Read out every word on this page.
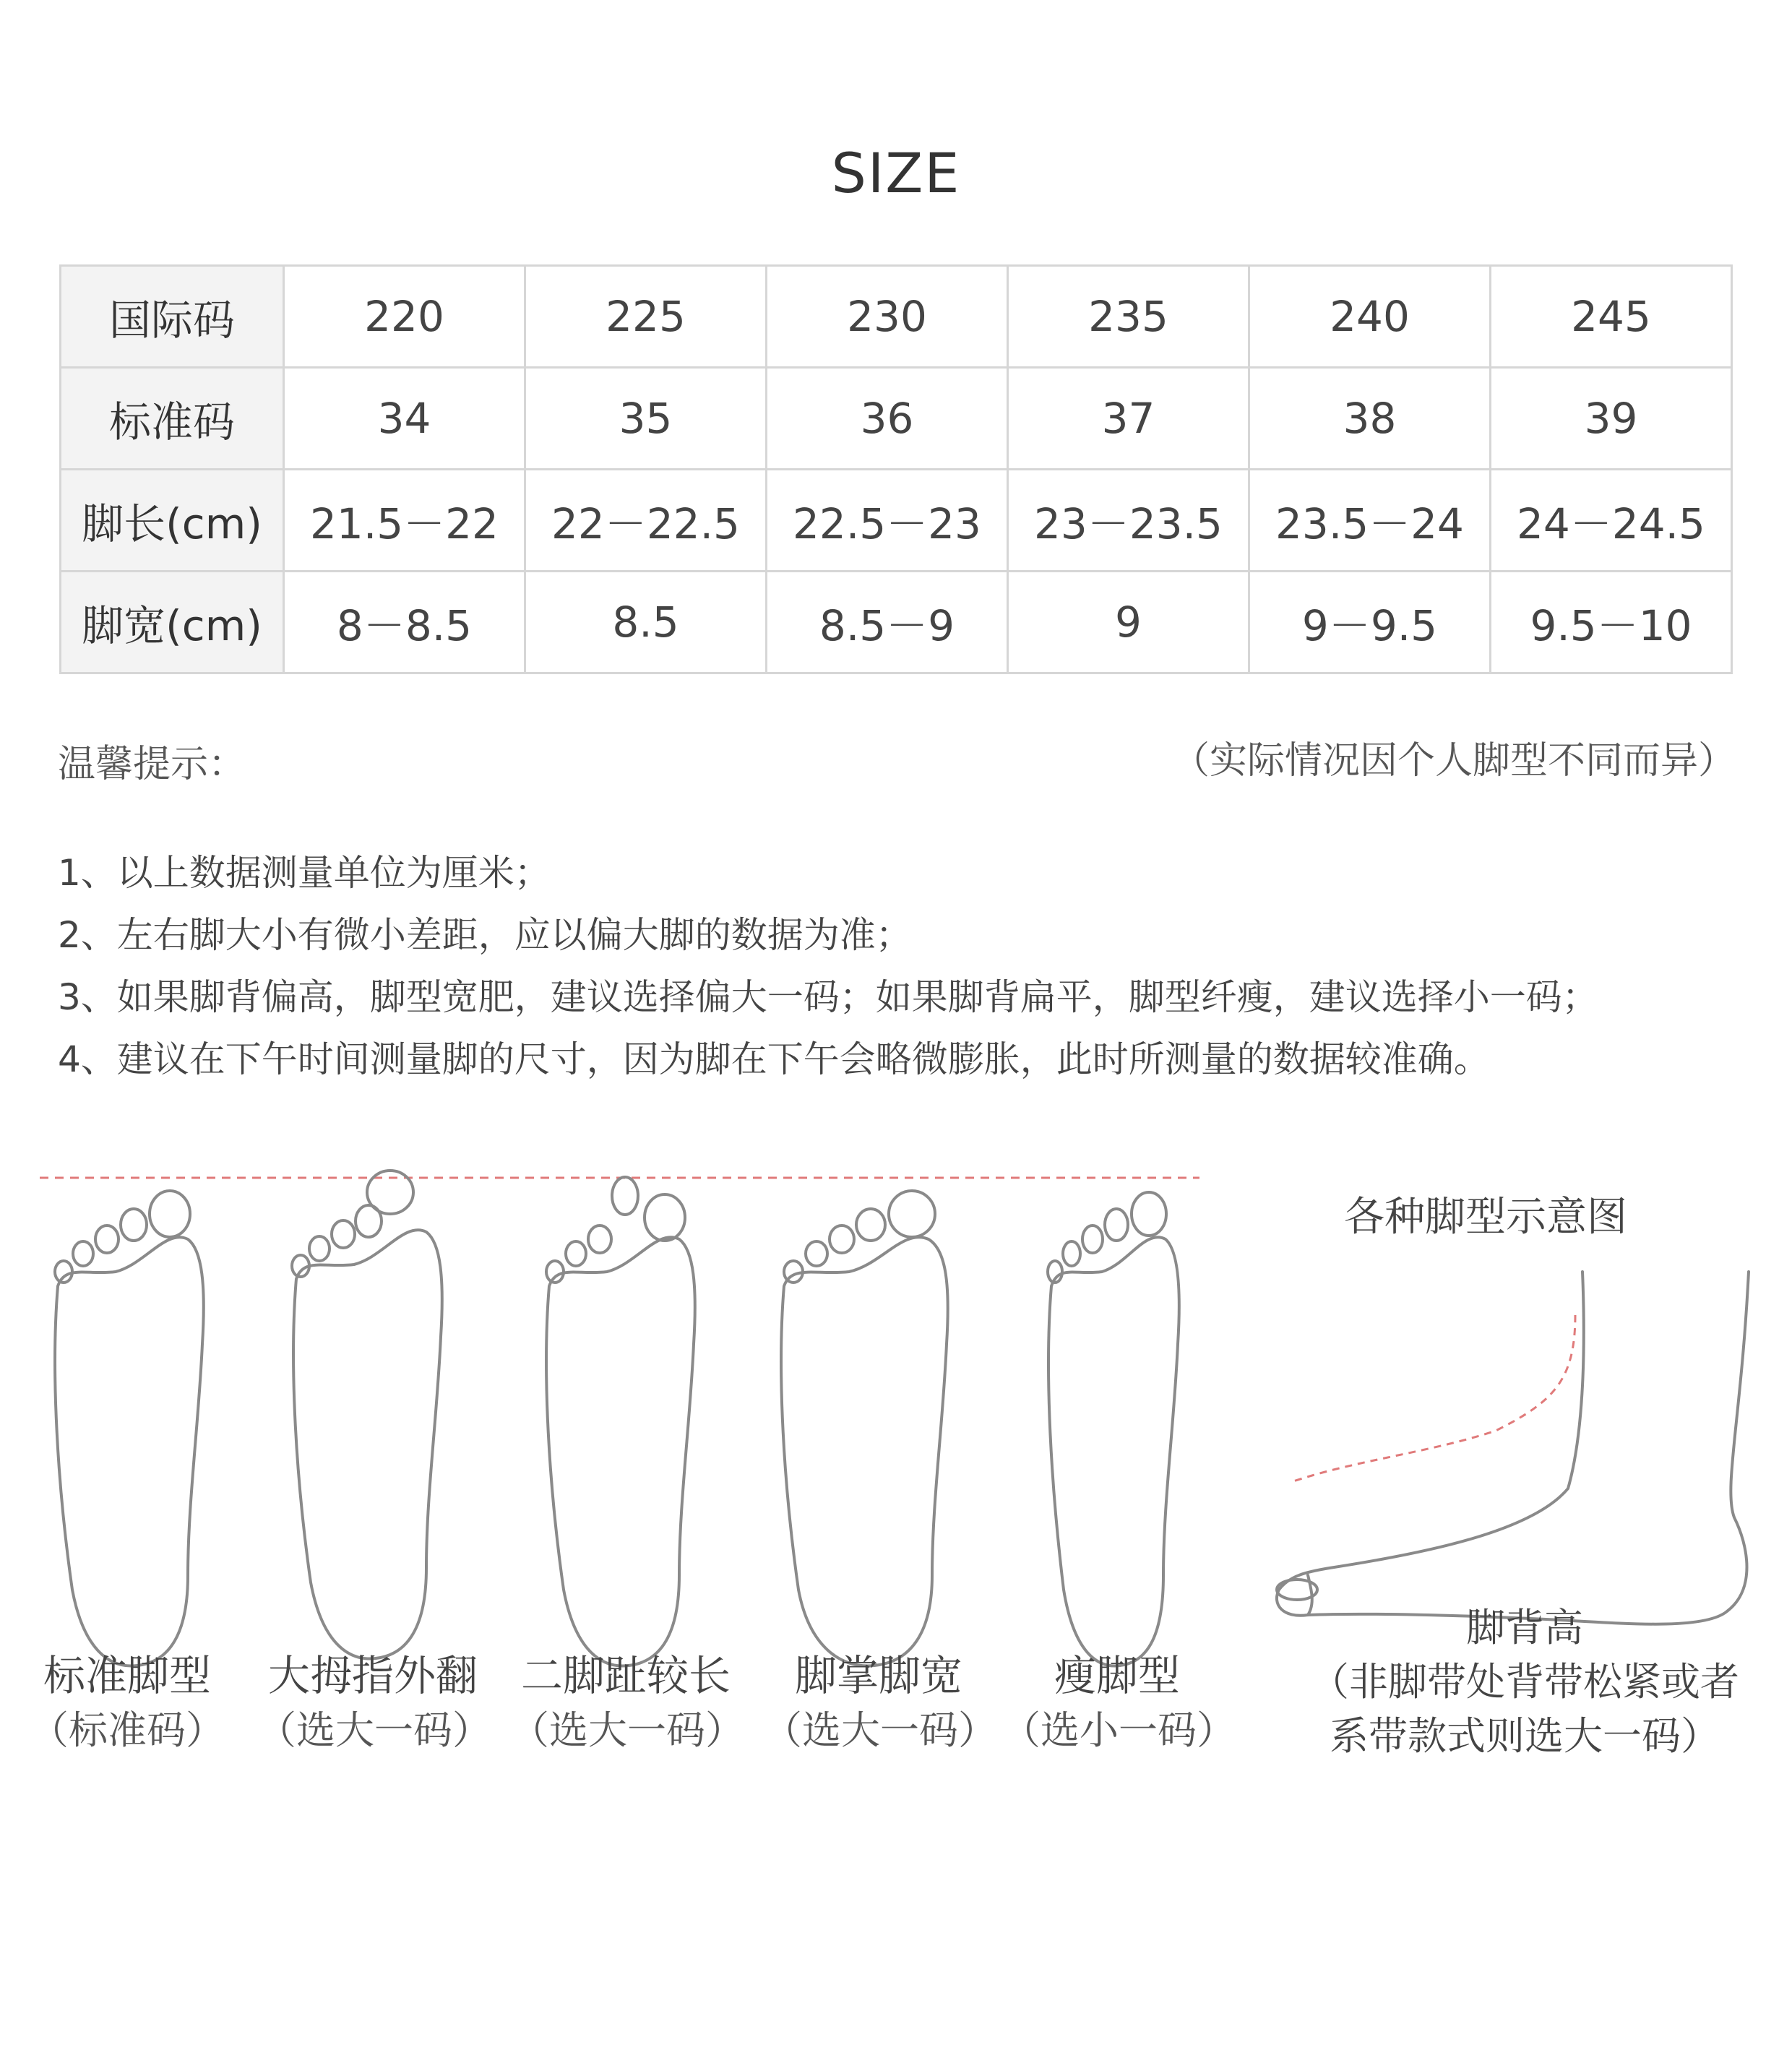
SIZE
国际码	220	225	230	235	240	245
标准码	34	35	36	37	38	39
脚长(cm)	21.5－22	22－22.5	22.5－23	23－23.5	23.5－24	24－24.5
脚宽(cm)	8－8.5	8.5	8.5－9	9	9－9.5	9.5－10
温馨提示：	（实际情况因个人脚型不同而异）
1、以上数据测量单位为厘米；
2、左右脚大小有微小差距，应以偏大脚的数据为准；
3、如果脚背偏高，脚型宽肥，建议选择偏大一码；如果脚背扁平，脚型纤瘦，建议选择小一码；
4、建议在下午时间测量脚的尺寸，因为脚在下午会略微膨胀，此时所测量的数据较准确。
标准脚型
（标准码）
大拇指外翻
（选大一码）
二脚趾较长
（选大一码）
脚掌脚宽
（选大一码）
瘦脚型
（选小一码）
各种脚型示意图
脚背高
（非脚带处背带松紧或者
系带款式则选大一码）
